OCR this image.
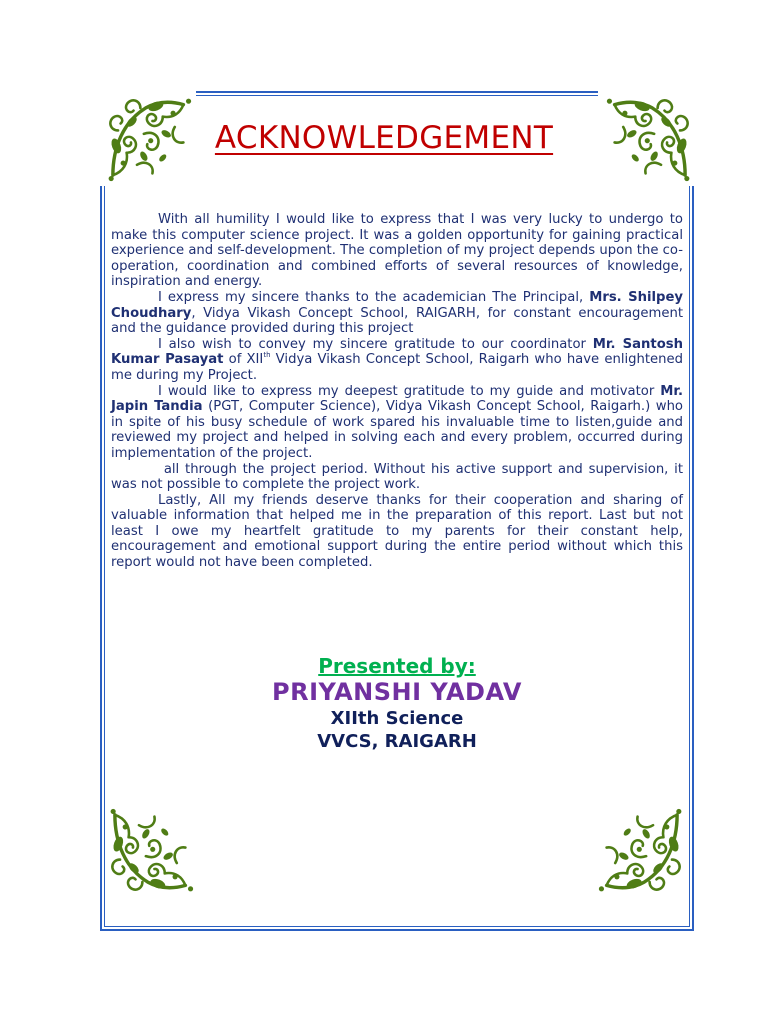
ACKNOWLEDGEMENT

With all humility I would like to express that I was very lucky to undergo to make this computer science project. It was a golden opportunity for gaining practical experience and self-development. The completion of my project depends upon the co-operation, coordination and combined efforts of several resources of knowledge, inspiration and energy.

I express my sincere thanks to the academician The Principal, Mrs. Shilpey Choudhary, Vidya Vikash Concept School, RAIGARH, for constant encouragement and the guidance provided during this project

I also wish to convey my sincere gratitude to our coordinator Mr. Santosh Kumar Pasayat of XIIth Vidya Vikash Concept School, Raigarh who have enlightened me during my Project.

I would like to express my deepest gratitude to my guide and motivator Mr. Japin Tandia (PGT, Computer Science), Vidya Vikash Concept School, Raigarh.) who in spite of his busy schedule of work spared his invaluable time to listen,guide and reviewed my project and helped in solving each and every problem, occurred during implementation of the project.

all through the project period. Without his active support and supervision, it was not possible to complete the project work.

Lastly, All my friends deserve thanks for their cooperation and sharing of valuable information that helped me in the preparation of this report. Last but not least I owe my heartfelt gratitude to my parents for their constant help, encouragement and emotional support during the entire period without which this report would not have been completed.

Presented by:
PRIYANSHI YADAV
XIIth Science
VVCS, RAIGARH
